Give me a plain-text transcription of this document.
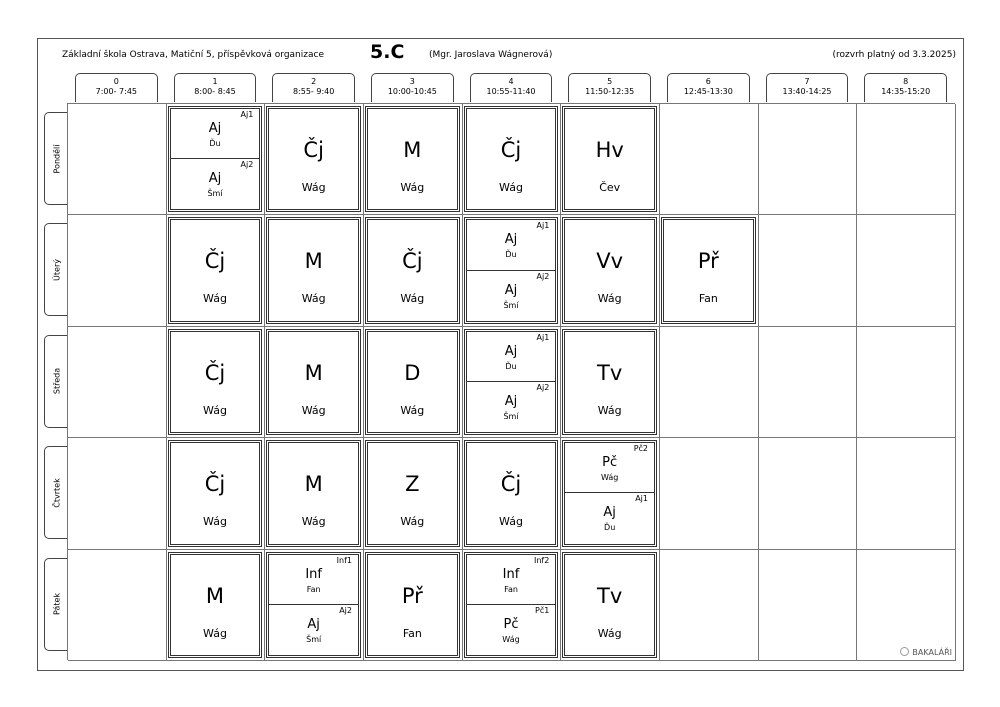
Základní škola Ostrava, Matiční 5, příspěvková organizace 5.C	(Mgr. Jaroslava Wágnerová)	(rozvrh platný od 3.3.2025)
0
7:00- 7:45
1
8:00- 8:45
2
8:55- 9:40
3
10:00-10:45
4
10:55-11:40
5
11:50-12:35
6
12:45-13:30
7
13:40-14:25
8
14:35-15:20
Pondělí
Úterý
Středa
Čtvrtek
Pátek
Aj1
Aj
Ďu
Aj2
Aj
Šmí
Čj
Wág
M
Wág
Čj
Wág
Hv
Čev
Čj
Wág
M
Wág
Čj
Wág
Aj1
Aj
Ďu
Aj2
Aj
Šmí
Vv
Wág
Př
Fan
Čj
Wág
M
Wág
D
Wág
Aj1
Aj
Ďu
Aj2
Aj
Šmí
Tv
Wág
Čj
Wág
M
Wág
Z
Wág
Čj
Wág
Pč2
Pč
Wág
Aj1
Aj
Ďu
M
Wág
Inf1
Inf
Fan
Aj2
Aj
Šmí
Př
Fan
Inf2
Inf
Fan
Pč1
Pč
Wág
Tv
Wág
BAKALÁŘI
